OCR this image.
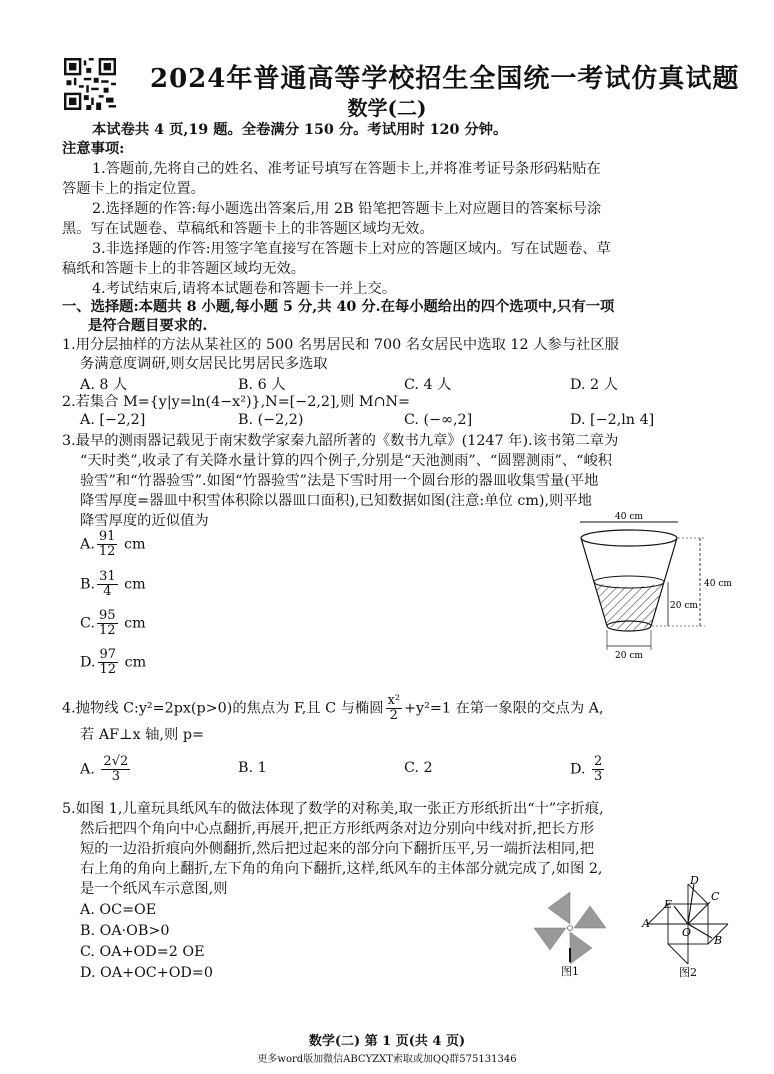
2024年普通高等学校招生全国统一考试仿真试题
数学(二)
本试卷共 4 页,19 题。全卷满分 150 分。考试用时 120 分钟。
注意事项:
1.答题前,先将自己的姓名、准考证号填写在答题卡上,并将准考证号条形码粘贴在
答题卡上的指定位置。
2.选择题的作答:每小题选出答案后,用 2B 铅笔把答题卡上对应题目的答案标号涂
黑。写在试题卷、草稿纸和答题卡上的非答题区域均无效。
3.非选择题的作答:用签字笔直接写在答题卡上对应的答题区域内。写在试题卷、草
稿纸和答题卡上的非答题区域均无效。
4.考试结束后,请将本试题卷和答题卡一并上交。
一、选择题:本题共 8 小题,每小题 5 分,共 40 分.在每小题给出的四个选项中,只有一项
是符合题目要求的.
1.用分层抽样的方法从某社区的 500 名男居民和 700 名女居民中选取 12 人参与社区服
务满意度调研,则女居民比男居民多选取
A. 8 人	B. 6 人	C. 4 人	D. 2 人
2.若集合 M={y|y=ln(4−x²)},N=[−2,2],则 M∩N=
A. [−2,2]	B. (−2,2)	C. (−∞,2]	D. [−2,ln 4]
3.最早的测雨器记载见于南宋数学家秦九韶所著的《数书九章》(1247 年).该书第二章为
“天时类”,收录了有关降水量计算的四个例子,分别是“天池测雨”、“圆罂测雨”、“峻积
验雪”和“竹器验雪”.如图“竹器验雪”法是下雪时用一个圆台形的器皿收集雪量(平地
降雪厚度=器皿中积雪体积除以器皿口面积),已知数据如图(注意:单位 cm),则平地
降雪厚度的近似值为
A. $\frac{91}{12}$ cm
B. $\frac{31}{4}$ cm
C. $\frac{95}{12}$ cm
D. $\frac{97}{12}$ cm
40 cm
40 cm
20 cm
20 cm
4.抛物线 C:y²=2px(p>0)的焦点为 F,且 C 与椭圆 $\frac{\text{x²}}{2} +y^2=1$ 在第一象限的交点为 A,
若 AF⊥x 轴,则 p=
A. $\frac{2√2}{3}$	B. 1	C. 2	D. $\frac{2}{3}$
5.如图 1,儿童玩具纸风车的做法体现了数学的对称美,取一张正方形纸折出“十”字折痕,
然后把四个角向中心点翻折,再展开,把正方形纸两条对边分别向中线对折,把长方形
短的一边沿折痕向外侧翻折,然后把过起来的部分向下翻折压平,另一端折法相同,把
右上角的角向上翻折,左下角的角向下翻折,这样,纸风车的主体部分就完成了,如图 2,
是一个纸风车示意图,则
A. OC=OE
B. OA·OB>0
C. OA+OD=2 OE
D. OA+OC+OD=0	图1
D
C
E
A
O
B
图2
数学(二) 第 1 页(共 4 页)
更多word版加微信ABCYZXT索取或加QQ群575131346
